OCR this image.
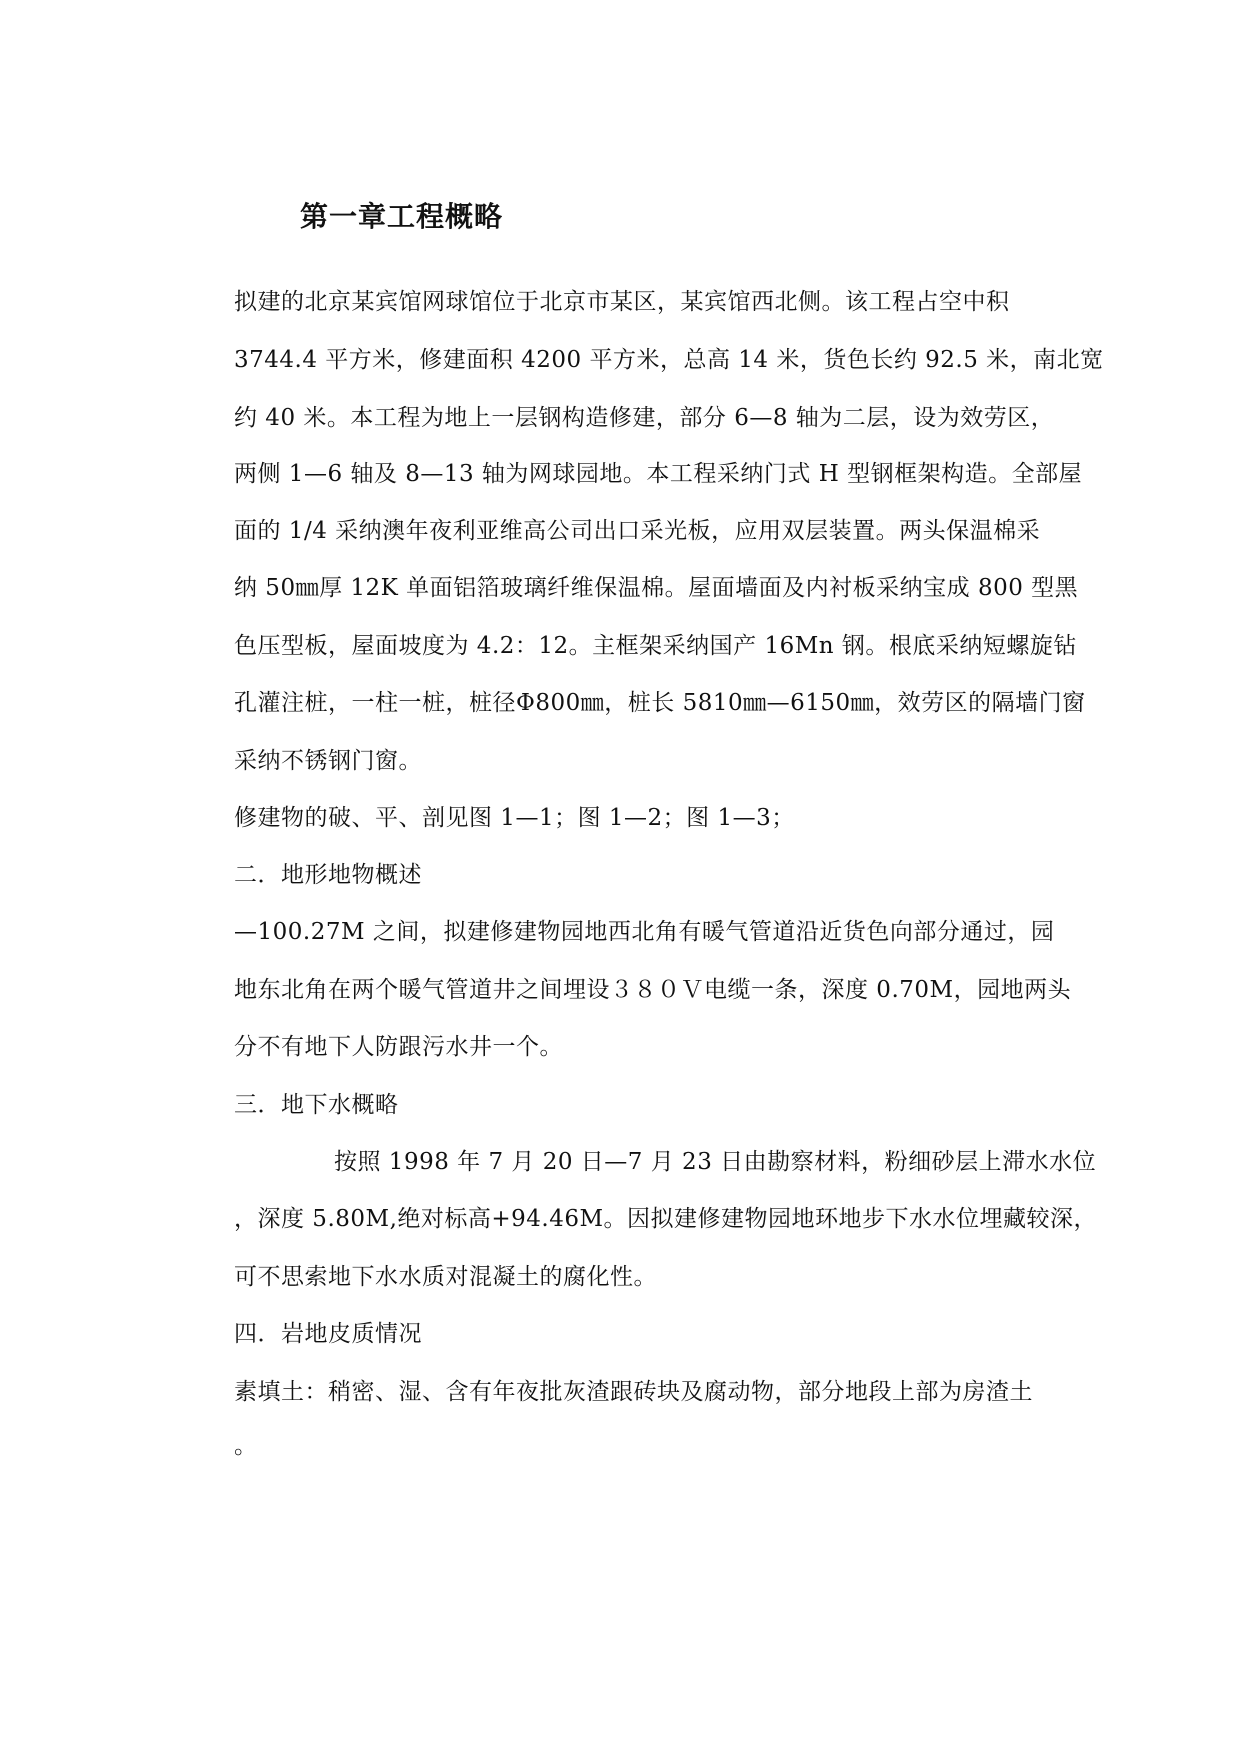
第一章工程概略
拟建的北京某宾馆网球馆位于北京市某区，某宾馆西北侧。该工程占空中积
3744.4 平方米，修建面积 4200 平方米，总高 14 米，货色长约 92.5 米，南北宽
约 40 米。本工程为地上一层钢构造修建，部分 6—8 轴为二层，设为效劳区，
两侧 1—6 轴及 8—13 轴为网球园地。本工程采纳门式 H 型钢框架构造。全部屋
面的 1/4 采纳澳年夜利亚维高公司出口采光板，应用双层装置。两头保温棉采
纳 50㎜厚 12K 单面铝箔玻璃纤维保温棉。屋面墙面及内衬板采纳宝成 800 型黑
色压型板，屋面坡度为 4.2：12。主框架采纳国产 16Mn 钢。根底采纳短螺旋钻
孔灌注桩，一柱一桩，桩径Φ800㎜，桩长 5810㎜—6150㎜，效劳区的隔墙门窗
采纳不锈钢门窗。
修建物的破、平、剖见图 1—1；图 1—2；图 1—3；
二．地形地物概述
—100.27M 之间，拟建修建物园地西北角有暖气管道沿近货色向部分通过，园
地东北角在两个暖气管道井之间埋设３８０Ｖ电缆一条，深度 0.70M，园地两头
分不有地下人防跟污水井一个。
三．地下水概略
按照 1998 年 7 月 20 日—7 月 23 日由勘察材料，粉细砂层上滞水水位
，深度 5.80M,绝对标高+94.46M。因拟建修建物园地环地步下水水位埋藏较深，
可不思索地下水水质对混凝土的腐化性。
四．岩地皮质情况
素填土：稍密、湿、含有年夜批灰渣跟砖块及腐动物，部分地段上部为房渣土
。
